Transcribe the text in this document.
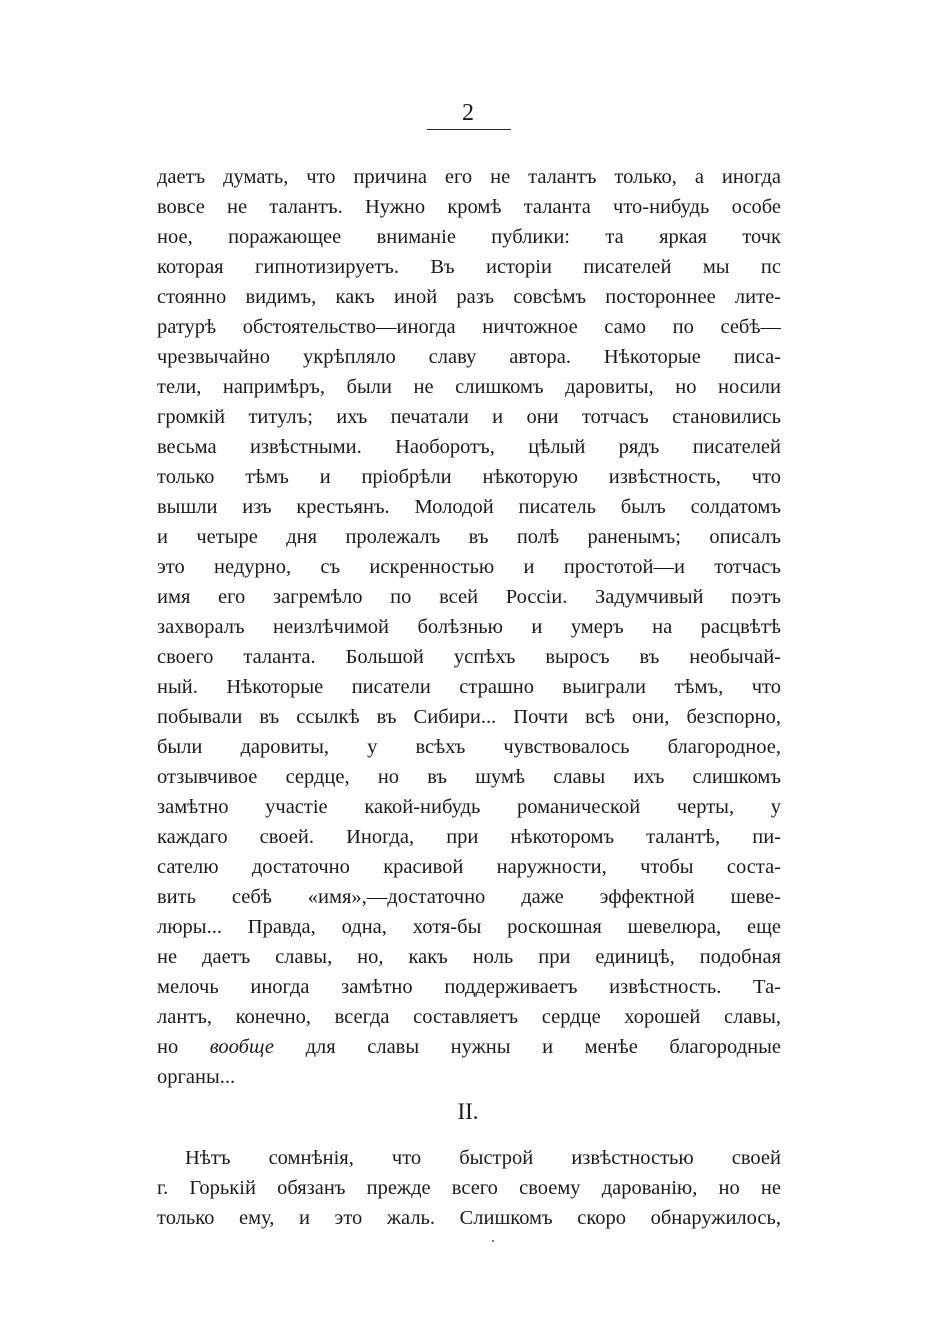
2
даетъ думать, что причина его не талантъ только, а иногда
вовсе не талантъ. Нужно кромѣ таланта что-нибудь особе
ное, поражающее вниманіе публики: та яркая точк
которая гипнотизируетъ. Въ исторіи писателей мы пс
стоянно видимъ, какъ иной разъ совсѣмъ постороннее лите-
ратурѣ обстоятельство—иногда ничтожное само по себѣ—
чрезвычайно укрѣпляло славу автора. Нѣкоторые писа-
тели, напримѣръ, были не слишкомъ даровиты, но носили
громкій титулъ; ихъ печатали и они тотчасъ становились
весьма извѣстными. Наоборотъ, цѣлый рядъ писателей
только тѣмъ и пріобрѣли нѣкоторую извѣстность, что
вышли изъ крестьянъ. Молодой писатель былъ солдатомъ
и четыре дня пролежалъ въ полѣ раненымъ; описалъ
это недурно, съ искренностью и простотой—и тотчасъ
имя его загремѣло по всей Россіи. Задумчивый поэтъ
захворалъ неизлѣчимой болѣзнью и умеръ на расцвѣтѣ
своего таланта. Большой успѣхъ выросъ въ необычай-
ный. Нѣкоторые писатели страшно выиграли тѣмъ, что
побывали въ ссылкѣ въ Сибири... Почти всѣ они, безспорно,
были даровиты, у всѣхъ чувствовалось благородное,
отзывчивое сердце, но въ шумѣ славы ихъ слишкомъ
замѣтно участіе какой-нибудь романической черты, у
каждаго своей. Иногда, при нѣкоторомъ талантѣ, пи-
сателю достаточно красивой наружности, чтобы соста-
вить себѣ «имя»,—достаточно даже эффектной шеве-
люры... Правда, одна, хотя-бы роскошная шевелюра, еще
не даетъ славы, но, какъ ноль при единицѣ, подобная
мелочь иногда замѣтно поддерживаетъ извѣстность. Та-
лантъ, конечно, всегда составляетъ сердце хорошей славы,
но вообще для славы нужны и менѣе благородные
органы...
II.
Нѣтъ сомнѣнія, что быстрой извѣстностью своей
г. Горькій обязанъ прежде всего своему дарованію, но не
только ему, и это жаль. Слишкомъ скоро обнаружилось,
